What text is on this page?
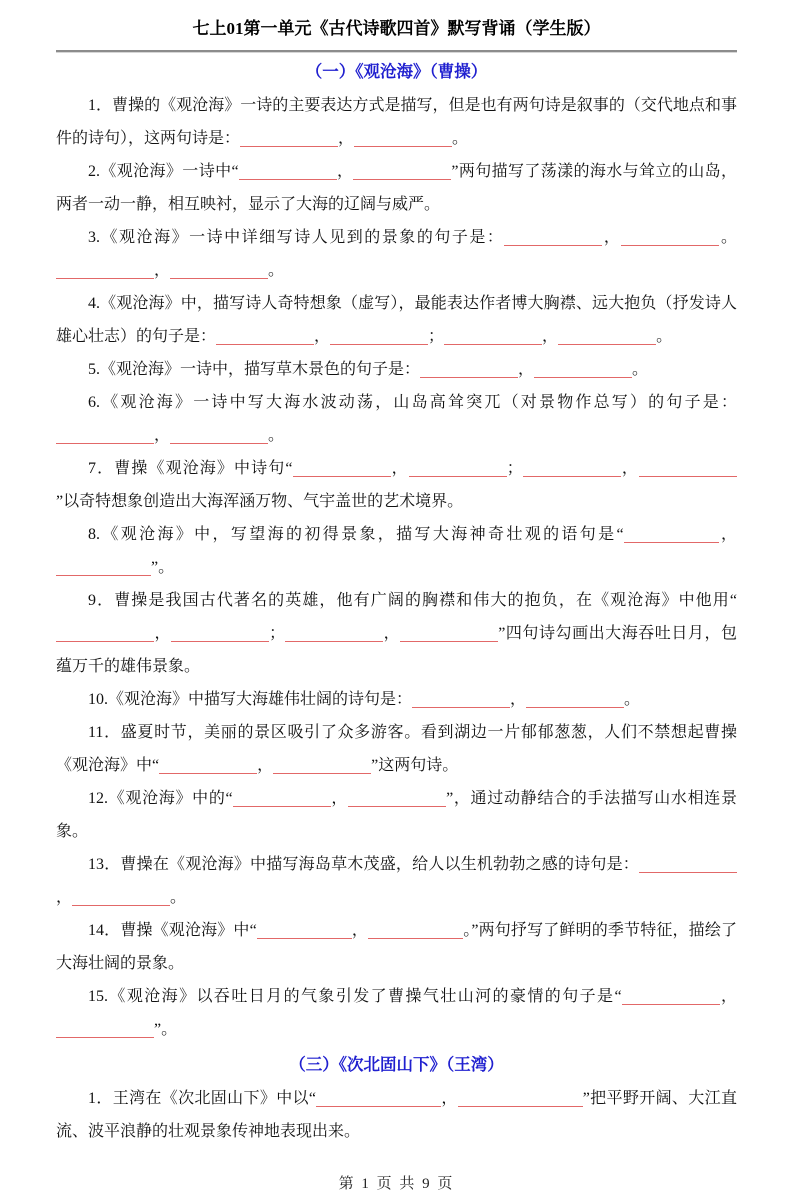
七上01第一单元《古代诗歌四首》默写背诵（学生版）
（一）《观沧海》（曹操）

1．曹操的《观沧海》一诗的主要表达方式是描写，但是也有两句诗是叙事的（交代地点和事件的诗句），这两句诗是：	，	。

2.《观沧海》一诗中“	，	”两句描写了荡漾的海水与耸立的山岛，两者一动一静，相互映衬，显示了大海的辽阔与威严。

3.《观沧海》一诗中详细写诗人见到的景象的句子是：	，	。，	。

4.《观沧海》中，描写诗人奇特想象（虚写），最能表达作者博大胸襟、远大抱负（抒发诗人雄心壮志）的句子是：	，	；	，	。

5.《观沧海》一诗中，描写草木景色的句子是：	，	。

6.《观沧海》一诗中写大海水波动荡，山岛高耸突兀（对景物作总写）的句子是：，	。

7．曹操《观沧海》中诗句“	，	；	，”以奇特想象创造出大海浑涵万物、气宇盖世的艺术境界。

8.《观沧海》中，写望海的初得景象，描写大海神奇壮观的语句是“	，”。

9．曹操是我国古代著名的英雄，他有广阔的胸襟和伟大的抱负，在《观沧海》中他用“，	；	，	”四句诗勾画出大海吞吐日月，包蕴万千的雄伟景象。

10.《观沧海》中描写大海雄伟壮阔的诗句是：	，	。

11．盛夏时节，美丽的景区吸引了众多游客。看到湖边一片郁郁葱葱，人们不禁想起曹操《观沧海》中“	，	”这两句诗。

12.《观沧海》中的“	，	”，通过动静结合的手法描写山水相连景象。

13．曹操在《观沧海》中描写海岛草木茂盛，给人以生机勃勃之感的诗句是：，	。

14．曹操《观沧海》中“	，	。”两句抒写了鲜明的季节特征，描绘了大海壮阔的景象。

15.《观沧海》以吞吐日月的气象引发了曹操气壮山河的豪情的句子是“	，”。

（三）《次北固山下》（王湾）

1．王湾在《次北固山下》中以“	，	”把平野开阔、大江直流、波平浪静的壮观景象传神地表现出来。

第 1 页 共 9 页
